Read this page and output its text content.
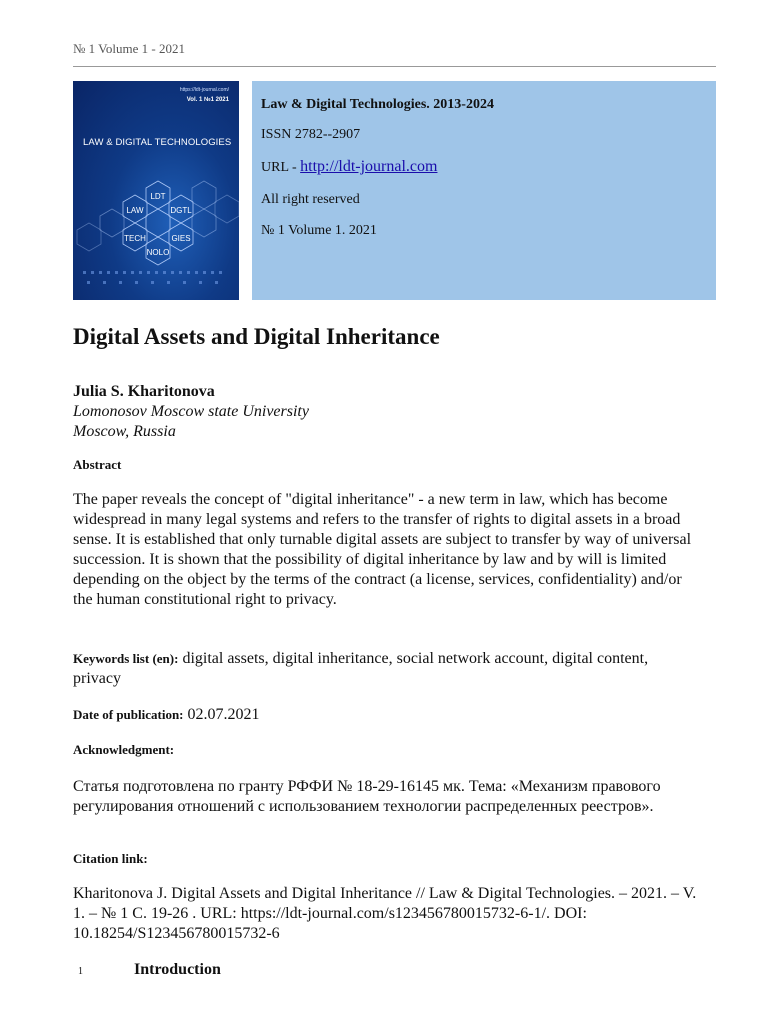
№ 1 Volume 1 - 2021
LDT
LAW	DGTL
TECH	GIES
NOLO
https://ldt-journal.com/
Vol. 1 №1 2021
LAW & DIGITAL TECHNOLOGIES
Law & Digital Technologies. 2013-2024
ISSN 2782--2907
URL - http://ldt-journal.com
All right reserved
№ 1 Volume 1. 2021
Digital Assets and Digital Inheritance
Julia S. Kharitonova
Lomonosov Moscow state University
Moscow, Russia
Abstract
The paper reveals the concept of "digital inheritance" - a new term in law, which has become widespread in many legal systems and refers to the transfer of rights to digital assets in a broad sense. It is established that only turnable digital assets are subject to transfer by way of universal succession. It is shown that the possibility of digital inheritance by law and by will is limited depending on the object by the terms of the contract (a license, services, confidentiality) and/or the human constitutional right to privacy.
Keywords list (en): digital assets, digital inheritance, social network account, digital content, privacy
Date of publication: 02.07.2021
Acknowledgment:
Статья подготовлена по гранту РФФИ № 18-29-16145 мк. Тема: «Механизм правового регулирования отношений с использованием технологии распределенных реестров».
Citation link:
Kharitonova J. Digital Assets and Digital Inheritance // Law & Digital Technologies. – 2021. – V. 1. – № 1 С. 19-26 . URL: https://ldt-journal.com/s123456780015732-6-1/. DOI: 10.18254/S123456780015732-6
1	Introduction
